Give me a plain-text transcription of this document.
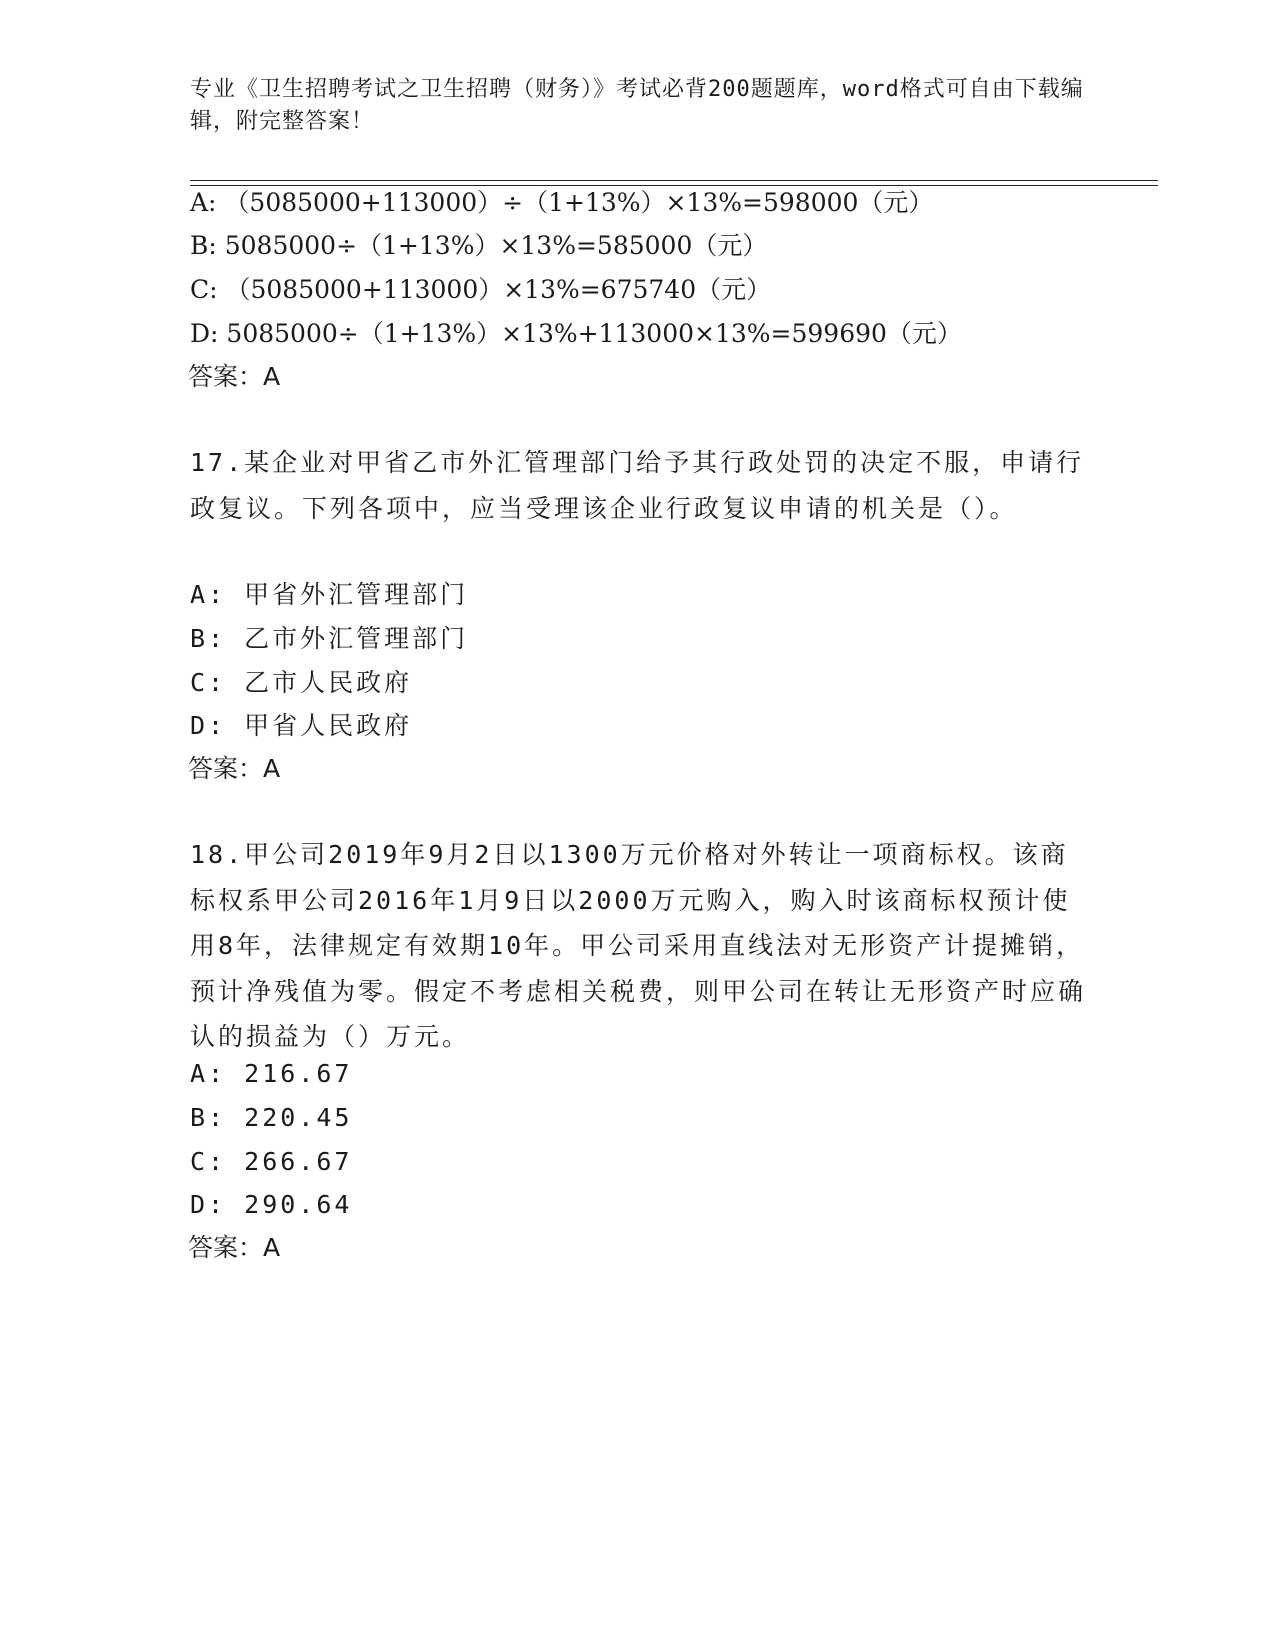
专业《卫生招聘考试之卫生招聘（财务）》考试必背200题题库，word格式可自由下载编辑，附完整答案！
A: （5085000+113000）÷（1+13%）×13%=598000（元）
B: 5085000÷（1+13%）×13%=585000（元）
C: （5085000+113000）×13%=675740（元）
D: 5085000÷（1+13%）×13%+113000×13%=599690（元）
答案：A
17.某企业对甲省乙市外汇管理部门给予其行政处罚的决定不服，申请行政复议。下列各项中，应当受理该企业行政复议申请的机关是（）。
A: 甲省外汇管理部门
B: 乙市外汇管理部门
C: 乙市人民政府
D: 甲省人民政府
答案：A
18.甲公司2019年9月2日以1300万元价格对外转让一项商标权。该商标权系甲公司2016年1月9日以2000万元购入，购入时该商标权预计使用8年，法律规定有效期10年。甲公司采用直线法对无形资产计提摊销，预计净残值为零。假定不考虑相关税费，则甲公司在转让无形资产时应确认的损益为（）万元。
A: 216.67
B: 220.45
C: 266.67
D: 290.64
答案：A
